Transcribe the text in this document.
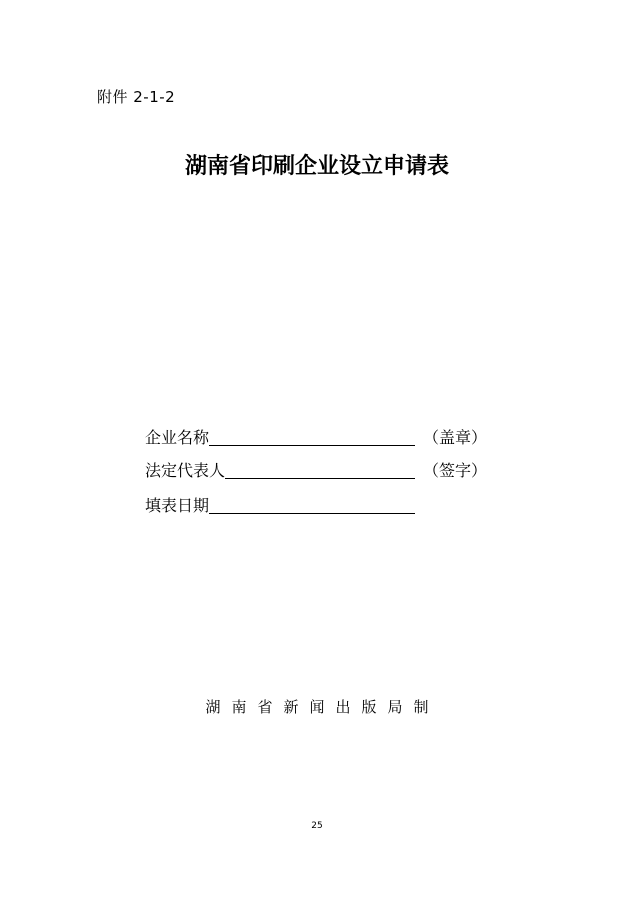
附件 2-1-2
湖南省印刷企业设立申请表
企业名称	（盖章）
法定代表人	（签字）
填表日期
湖南省新闻出版局制
25
